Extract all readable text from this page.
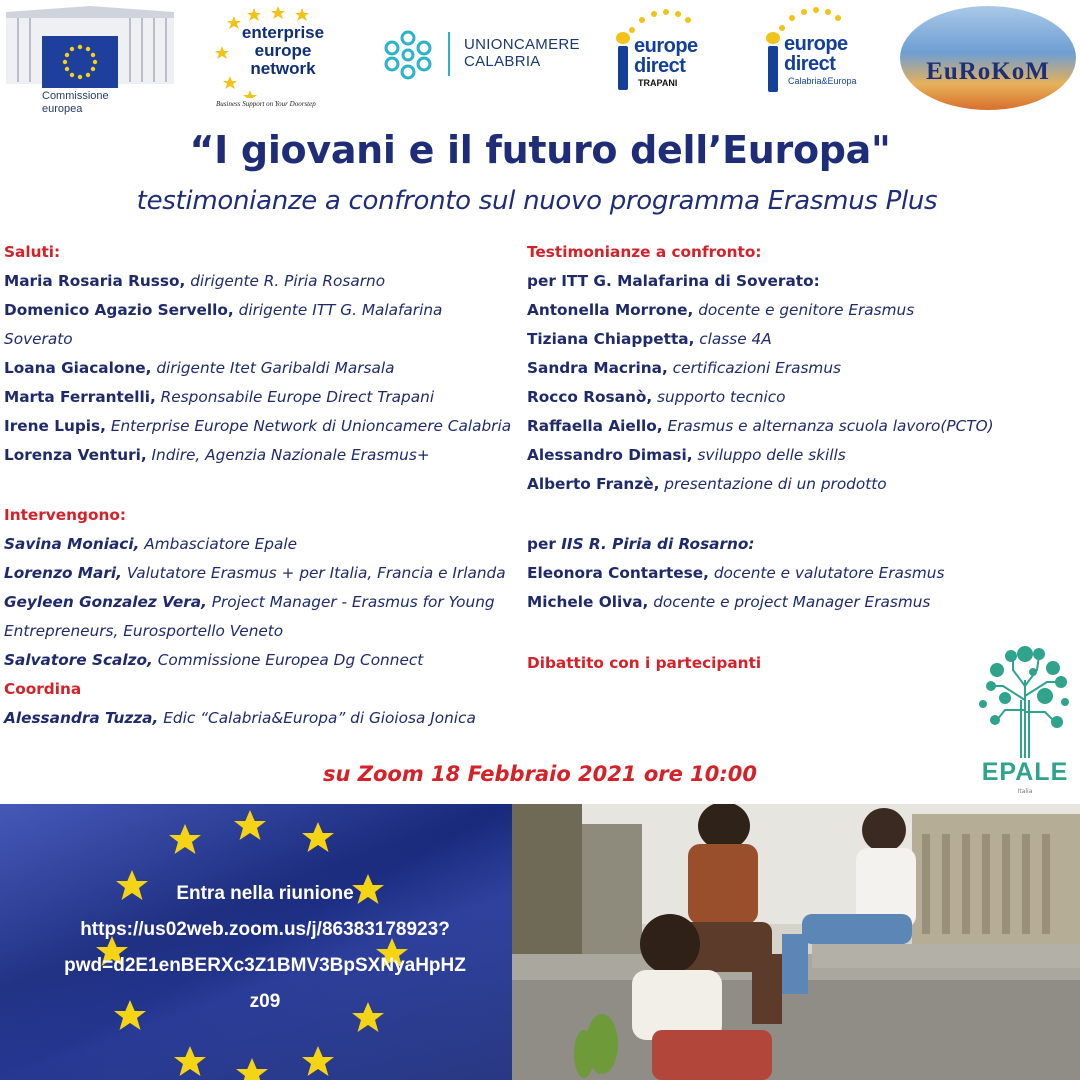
Commissione
europea
enterprise
europe
network
Business Support on Your Doorstep
UNIONCAMERE
CALABRIA
europe
direct
TRAPANI
europe
direct
Calabria&Europa	EuRoKoM
“I giovani e il futuro dell’Europa"
testimonianze a confronto sul nuovo programma Erasmus Plus
Saluti:
Maria Rosaria Russo, dirigente R. Piria Rosarno
Domenico Agazio Servello, dirigente ITT G. Malafarina
Soverato
Loana Giacalone, dirigente Itet Garibaldi Marsala
Marta Ferrantelli, Responsabile Europe Direct Trapani
Irene Lupis, Enterprise Europe Network di Unioncamere Calabria
Lorenza Venturi, Indire, Agenzia Nazionale Erasmus+
Intervengono:
Savina Moniaci, Ambasciatore Epale
Lorenzo Mari, Valutatore Erasmus + per Italia, Francia e Irlanda
Geyleen Gonzalez Vera, Project Manager - Erasmus for Young
Entrepreneurs, Eurosportello Veneto
Salvatore Scalzo, Commissione Europea Dg Connect
Coordina
Alessandra Tuzza, Edic “Calabria&Europa” di Gioiosa Jonica
Testimonianze a confronto:
per ITT G. Malafarina di Soverato:
Antonella Morrone, docente e genitore Erasmus
Tiziana Chiappetta, classe 4A
Sandra Macrina, certificazioni Erasmus
Rocco Rosanò, supporto tecnico
Raffaella Aiello, Erasmus e alternanza scuola lavoro(PCTO)
Alessandro Dimasi, sviluppo delle skills
Alberto Franzè, presentazione di un prodotto
per IIS R. Piria di Rosarno:
Eleonora Contartese, docente e valutatore Erasmus
Michele Oliva, docente e project Manager Erasmus
Dibattito con i partecipanti
EPALE
Italia
su Zoom 18 Febbraio 2021 ore 10:00
Entra nella riunione
https://us02web.zoom.us/j/86383178923?
pwd=d2E1enBERXc3Z1BMV3BpSXNyaHpHZ
z09
